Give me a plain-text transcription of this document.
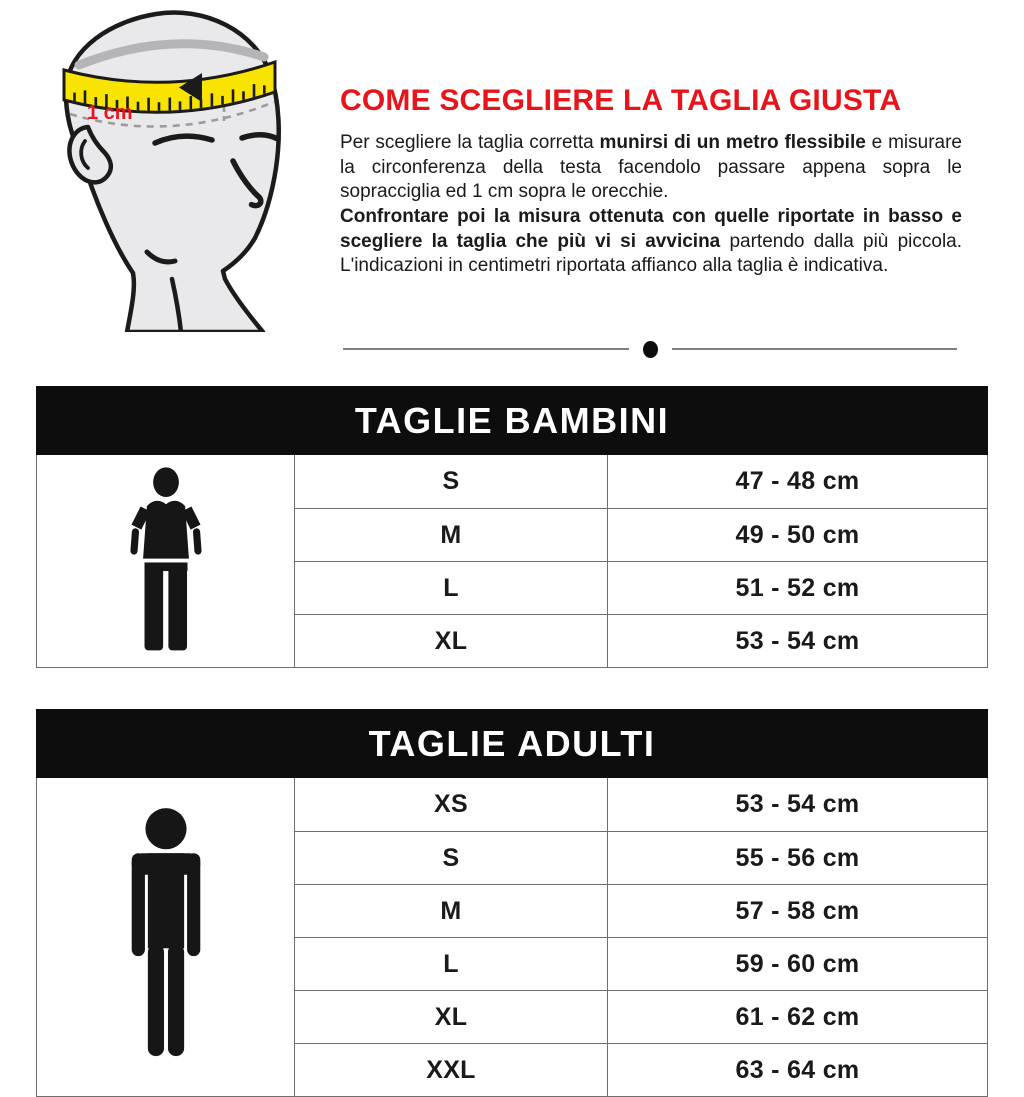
1 cm	COME SCEGLIERE LA TAGLIA GIUSTA

Per scegliere la taglia corretta munirsi di un metro flessibile e misurare la circonferenza della testa facendolo passare appena sopra le sopracciglia ed 1 cm sopra le orecchie.
Confrontare poi la misura ottenuta con quelle riportate in basso e scegliere la taglia che più vi si avvicina partendo dalla più piccola. L'indicazioni in centimetri riportata affianco alla taglia è indicativa.

TAGLIE BAMBINI
S	47 - 48 cm
M	49 - 50 cm
L	51 - 52 cm
XL	53 - 54 cm
TAGLIE ADULTI
XS	53 - 54 cm
S	55 - 56 cm
M	57 - 58 cm
L	59 - 60 cm
XL	61 - 62 cm
XXL	63 - 64 cm
